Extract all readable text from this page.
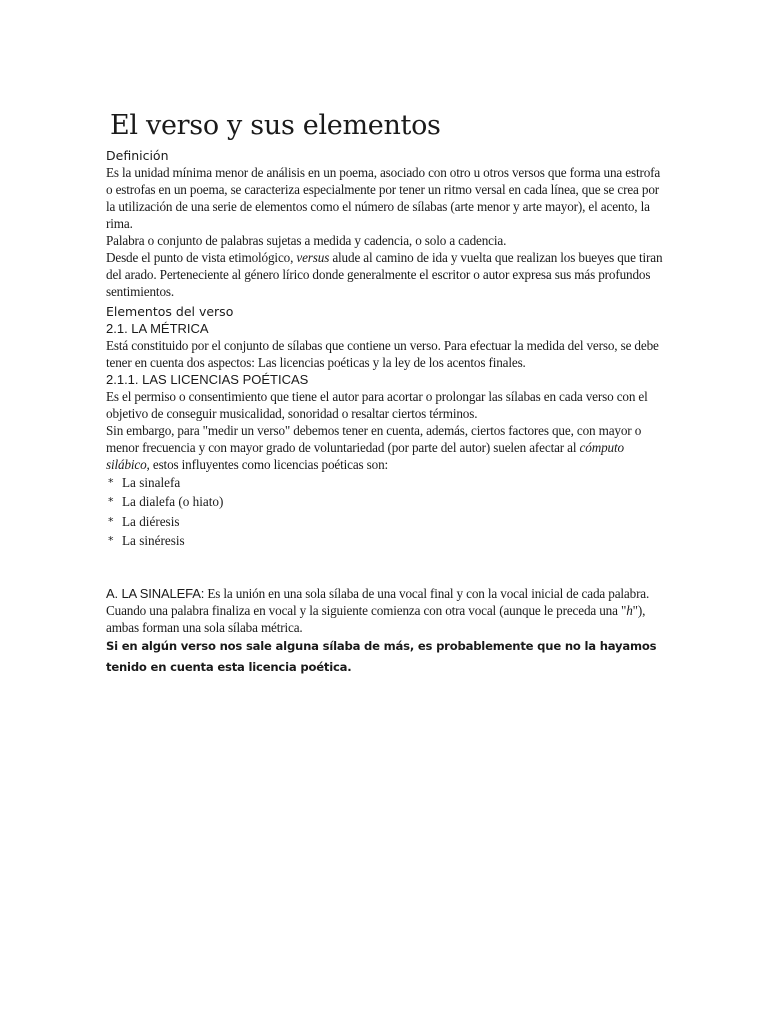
El verso y sus elementos
Definición

Es la unidad mínima menor de análisis en un poema, asociado con otro u otros versos que forma una estrofa o estrofas en un poema, se caracteriza especialmente por tener un ritmo versal en cada línea, que se crea por la utilización de una serie de elementos como el número de sílabas (arte menor y arte mayor), el acento, la rima.

Palabra o conjunto de palabras sujetas a medida y cadencia, o solo a cadencia.

Desde el punto de vista etimológico, versus alude al camino de ida y vuelta que realizan los bueyes que tiran del arado. Perteneciente al género lírico donde generalmente el escritor o autor expresa sus más profundos sentimientos.

Elementos del verso
2.1. LA MÉTRICA

Está constituido por el conjunto de sílabas que contiene un verso. Para efectuar la medida del verso, se debe tener en cuenta dos aspectos: Las licencias poéticas y la ley de los acentos finales.

2.1.1. LAS LICENCIAS POÉTICAS

Es el permiso o consentimiento que tiene el autor para acortar o prolongar las sílabas en cada verso con el objetivo de conseguir musicalidad, sonoridad o resaltar ciertos términos.

Sin embargo, para "medir un verso" debemos tener en cuenta, además, ciertos factores que, con mayor o menor frecuencia y con mayor grado de voluntariedad (por parte del autor) suelen afectar al cómputo silábico, estos influyentes como licencias poéticas son:

* La sinalefa
* La dialefa (o hiato)
* La diéresis
* La sinéresis

A. LA SINALEFA: Es la unión en una sola sílaba de una vocal final y con la vocal inicial de cada palabra. Cuando una palabra finaliza en vocal y la siguiente comienza con otra vocal (aunque le preceda una "h"), ambas forman una sola sílaba métrica.

Si en algún verso nos sale alguna sílaba de más, es probablemente que no la hayamos tenido en cuenta esta licencia poética.
